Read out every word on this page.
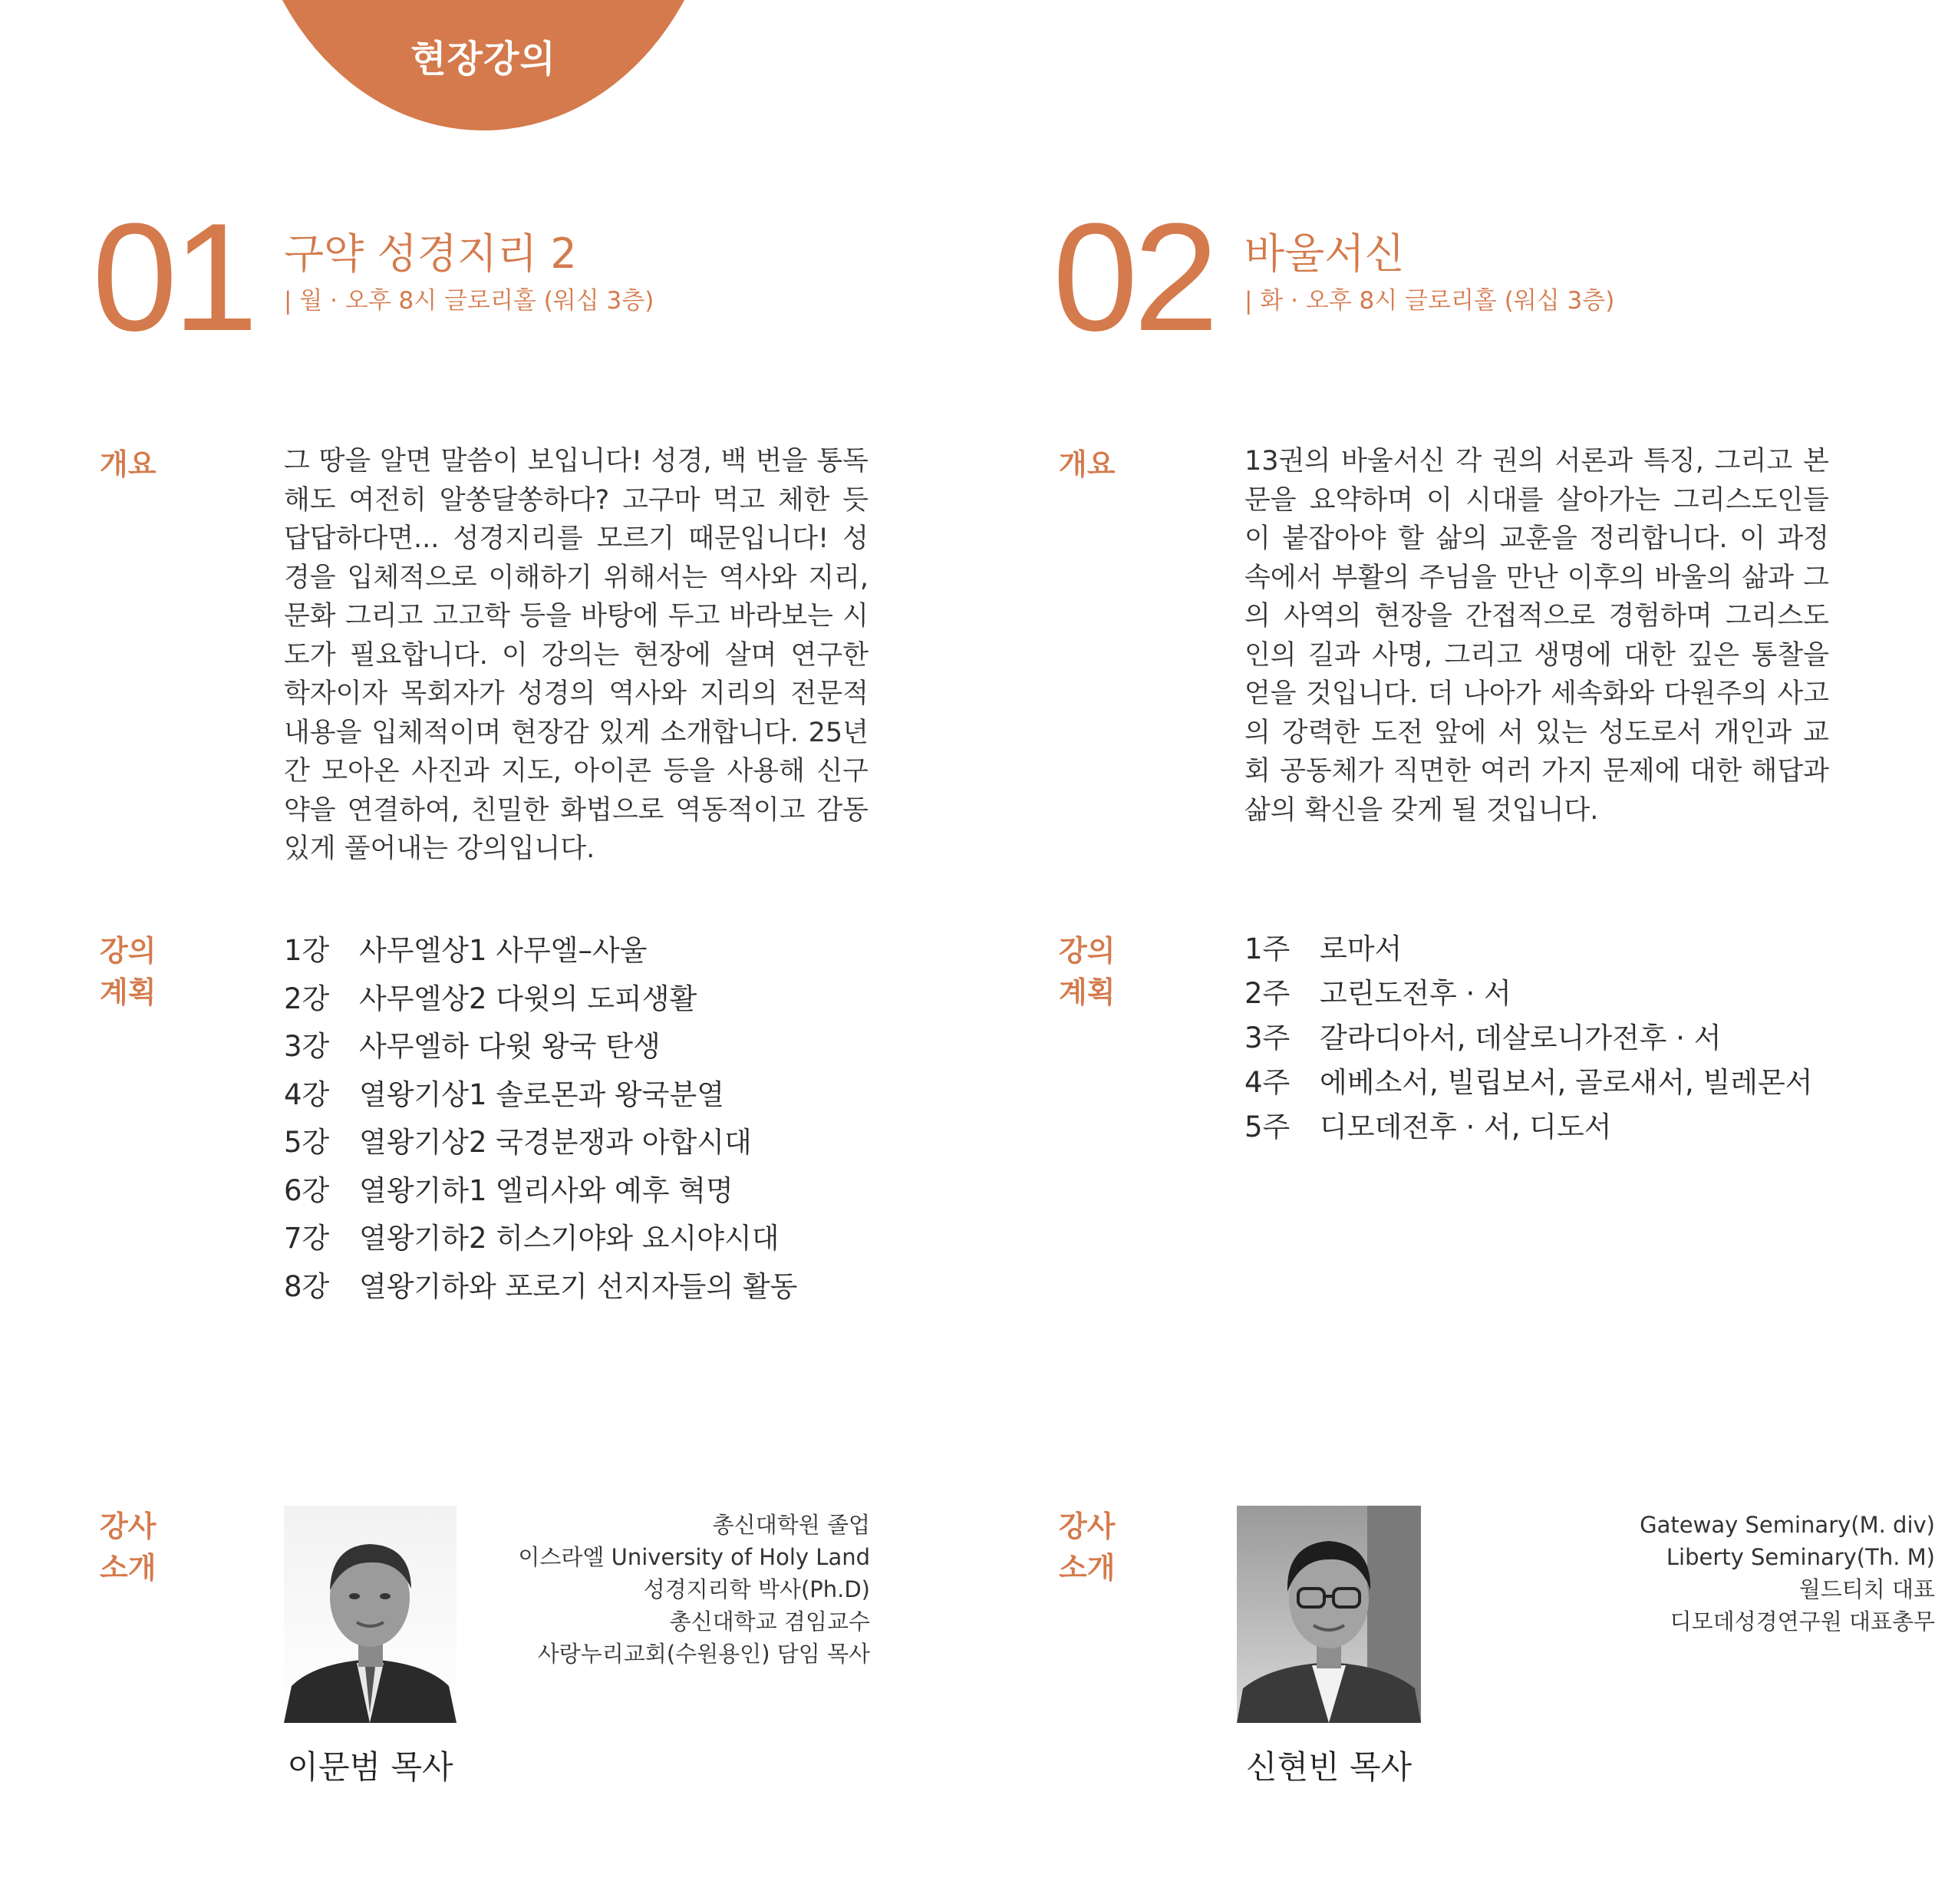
현장강의
01 구약 성경지리 2
| 월 · 오후 8시 글로리홀 (워십 3층)
개요	그 땅을 알면 말씀이 보입니다! 성경, 백 번을 통독해도 여전히 알쏭달쏭하다? 고구마 먹고 체한 듯 답답하다면... 성경지리를 모르기 때문입니다! 성경을 입체적으로 이해하기 위해서는 역사와 지리, 문화 그리고 고고학 등을 바탕에 두고 바라보는 시도가 필요합니다. 이 강의는 현장에 살며 연구한 학자이자 목회자가 성경의 역사와 지리의 전문적 내용을 입체적이며 현장감 있게 소개합니다. 25년간 모아온 사진과 지도, 아이콘 등을 사용해 신구약을 연결하여, 친밀한 화법으로 역동적이고 감동 있게 풀어내는 강의입니다.
강의
계획
1강 사무엘상1 사무엘–사울
2강 사무엘상2 다윗의 도피생활
3강 사무엘하 다윗 왕국 탄생
4강 열왕기상1 솔로몬과 왕국분열
5강 열왕기상2 국경분쟁과 아합시대
6강 열왕기하1 엘리사와 예후 혁명
7강 열왕기하2 히스기야와 요시야시대
8강 열왕기하와 포로기 선지자들의 활동
강사
소개
이문범 목사
총신대학원 졸업
이스라엘 University of Holy Land
성경지리학 박사(Ph.D)
총신대학교 겸임교수
사랑누리교회(수원용인) 담임 목사
02 바울서신
| 화 · 오후 8시 글로리홀 (워십 3층)
개요	13권의 바울서신 각 권의 서론과 특징, 그리고 본문을 요약하며 이 시대를 살아가는 그리스도인들이 붙잡아야 할 삶의 교훈을 정리합니다. 이 과정 속에서 부활의 주님을 만난 이후의 바울의 삶과 그의 사역의 현장을 간접적으로 경험하며 그리스도인의 길과 사명, 그리고 생명에 대한 깊은 통찰을 얻을 것입니다. 더 나아가 세속화와 다원주의 사고의 강력한 도전 앞에 서 있는 성도로서 개인과 교회 공동체가 직면한 여러 가지 문제에 대한 해답과 삶의 확신을 갖게 될 것입니다.
강의
계획
1주 로마서
2주 고린도전후 · 서
3주 갈라디아서, 데살로니가전후 · 서
4주 에베소서, 빌립보서, 골로새서, 빌레몬서
5주 디모데전후 · 서, 디도서
강사
소개
신현빈 목사
Gateway Seminary(M. div)
Liberty Seminary(Th. M)
월드티치 대표
디모데성경연구원 대표총무
